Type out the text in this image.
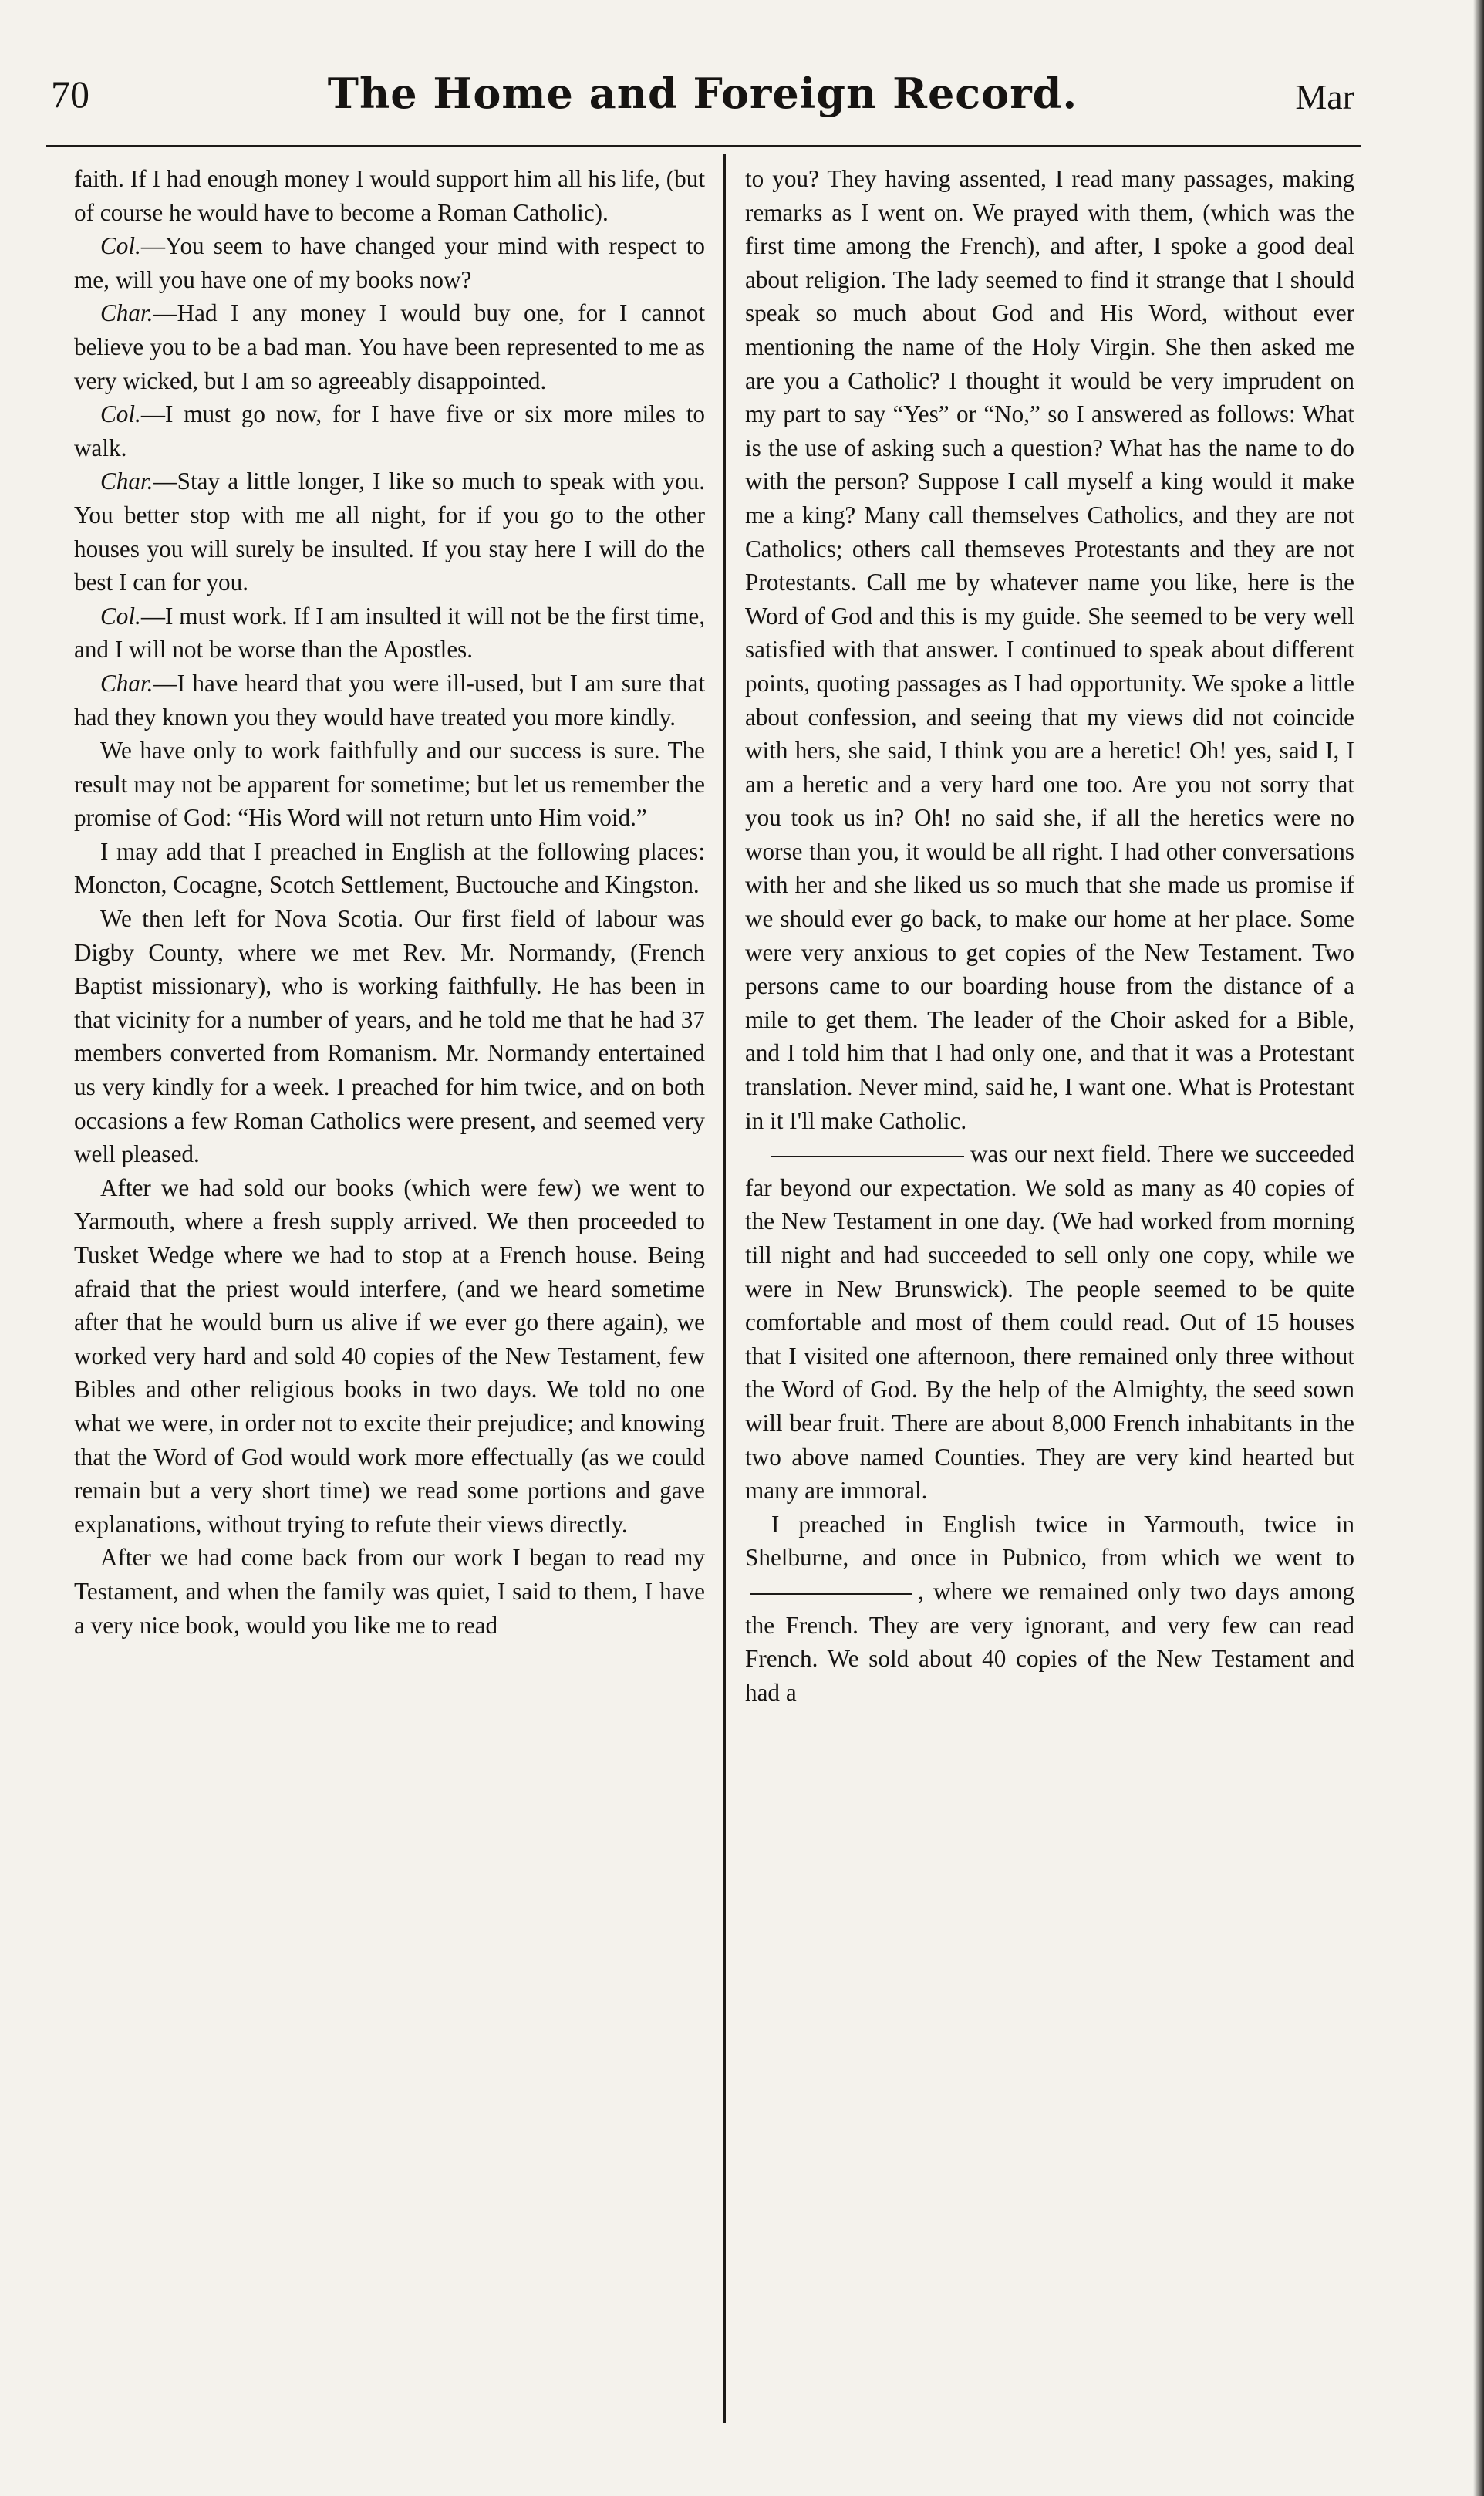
70	The Home and Foreign Record.	Mar

faith. If I had enough money I would support him all his life, (but of course he would have to become a Roman Catholic).

Col.—You seem to have changed your mind with respect to me, will you have one of my books now?

Char.—Had I any money I would buy one, for I cannot believe you to be a bad man. You have been represented to me as very wicked, but I am so agreeably disappointed.

Col.—I must go now, for I have five or six more miles to walk.

Char.—Stay a little longer, I like so much to speak with you. You better stop with me all night, for if you go to the other houses you will surely be insulted. If you stay here I will do the best I can for you.

Col.—I must work. If I am insulted it will not be the first time, and I will not be worse than the Apostles.

Char.—I have heard that you were ill-used, but I am sure that had they known you they would have treated you more kindly.

We have only to work faithfully and our success is sure. The result may not be apparent for sometime; but let us remember the promise of God: “His Word will not return unto Him void.”

I may add that I preached in English at the following places: Moncton, Cocagne, Scotch Settlement, Buctouche and Kingston.

We then left for Nova Scotia. Our first field of labour was Digby County, where we met Rev. Mr. Normandy, (French Baptist missionary), who is working faithfully. He has been in that vicinity for a number of years, and he told me that he had 37 members converted from Romanism. Mr. Normandy entertained us very kindly for a week. I preached for him twice, and on both occasions a few Roman Catholics were present, and seemed very well pleased.

After we had sold our books (which were few) we went to Yarmouth, where a fresh supply arrived. We then proceeded to Tusket Wedge where we had to stop at a French house. Being afraid that the priest would interfere, (and we heard sometime after that he would burn us alive if we ever go there again), we worked very hard and sold 40 copies of the New Testament, few Bibles and other religious books in two days. We told no one what we were, in order not to excite their prejudice; and knowing that the Word of God would work more effectually (as we could remain but a very short time) we read some portions and gave explanations, without trying to refute their views directly.

After we had come back from our work I began to read my Testament, and when the family was quiet, I said to them, I have a very nice book, would you like me to read

to you? They having assented, I read many passages, making remarks as I went on. We prayed with them, (which was the first time among the French), and after, I spoke a good deal about religion. The lady seemed to find it strange that I should speak so much about God and His Word, without ever mentioning the name of the Holy Virgin. She then asked me are you a Catholic? I thought it would be very imprudent on my part to say “Yes” or “No,” so I answered as follows: What is the use of asking such a question? What has the name to do with the person? Suppose I call myself a king would it make me a king? Many call themselves Catholics, and they are not Catholics; others call themseves Protestants and they are not Protestants. Call me by whatever name you like, here is the Word of God and this is my guide. She seemed to be very well satisfied with that answer. I continued to speak about different points, quoting passages as I had opportunity. We spoke a little about confession, and seeing that my views did not coincide with hers, she said, I think you are a heretic! Oh! yes, said I, I am a heretic and a very hard one too. Are you not sorry that you took us in? Oh! no said she, if all the heretics were no worse than you, it would be all right. I had other conversations with her and she liked us so much that she made us promise if we should ever go back, to make our home at her place. Some were very anxious to get copies of the New Testament. Two persons came to our boarding house from the distance of a mile to get them. The leader of the Choir asked for a Bible, and I told him that I had only one, and that it was a Protestant translation. Never mind, said he, I want one. What is Protestant in it I'll make Catholic.

was our next field. There we succeeded far beyond our expectation. We sold as many as 40 copies of the New Testament in one day. (We had worked from morning till night and had succeeded to sell only one copy, while we were in New Brunswick). The people seemed to be quite comfortable and most of them could read. Out of 15 houses that I visited one afternoon, there remained only three without the Word of God. By the help of the Almighty, the seed sown will bear fruit. There are about 8,000 French inhabitants in the two above named Counties. They are very kind hearted but many are immoral.

I preached in English twice in Yarmouth, twice in Shelburne, and once in Pubnico, from which we went to, where we remained only two days among the French. They are very ignorant, and very few can read French. We sold about 40 copies of the New Testament and had a
